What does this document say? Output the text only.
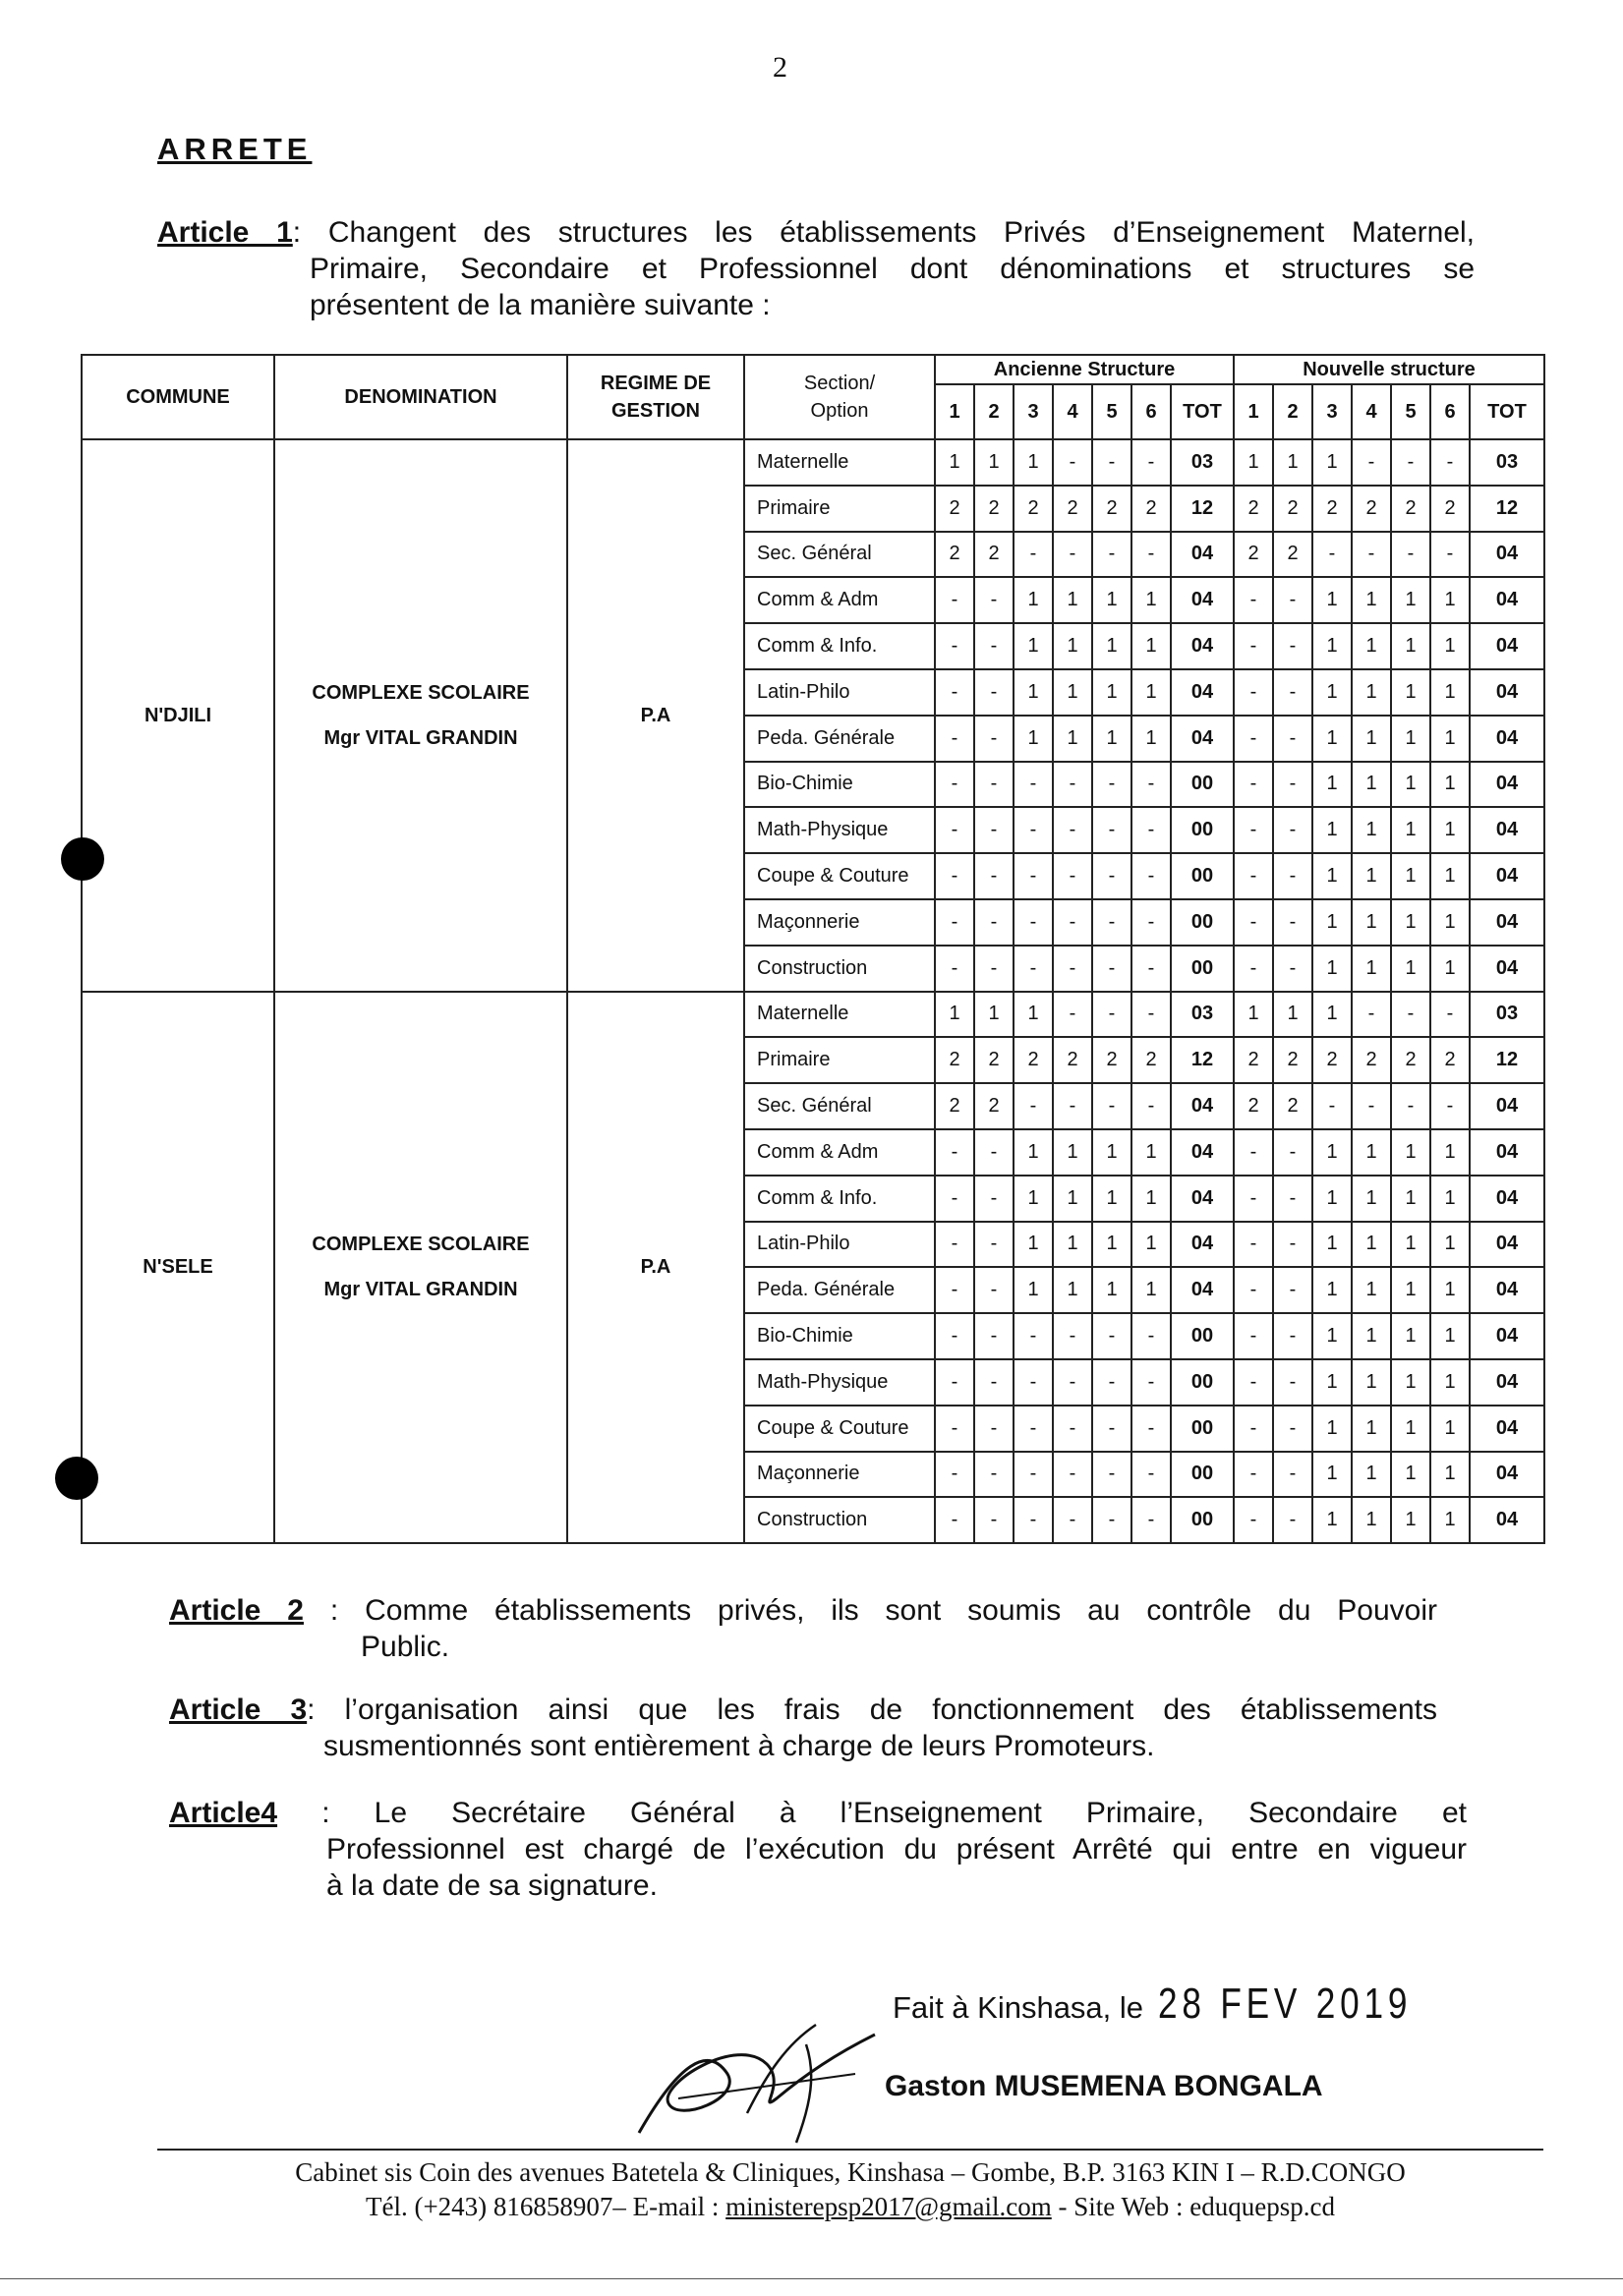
2
ARRETE
Article 1: Changent des structures les établissements Privés d’Enseignement Maternel,
Primaire, Secondaire et Professionnel dont dénominations et structures se
présentent de la manière suivante :
COMMUNE	DENOMINATION	REGIME DE GESTION	Section/ Option	Ancienne Structure							Nouvelle structure						
				1	2	3	4	5	6	TOT	1	2	3	4	5	6	TOT
N'DJILI	COMPLEXE SCOLAIRE
Mgr VITAL GRANDIN	P.A	Maternelle	1	1	1	-	-	-	03	1	1	1	-	-	-	03
			Primaire	2	2	2	2	2	2	12	2	2	2	2	2	2	12
			Sec. Général	2	2	-	-	-	-	04	2	2	-	-	-	-	04
			Comm & Adm	-	-	1	1	1	1	04	-	-	1	1	1	1	04
			Comm & Info.	-	-	1	1	1	1	04	-	-	1	1	1	1	04
			Latin-Philo	-	-	1	1	1	1	04	-	-	1	1	1	1	04
			Peda. Générale	-	-	1	1	1	1	04	-	-	1	1	1	1	04
			Bio-Chimie	-	-	-	-	-	-	00	-	-	1	1	1	1	04
			Math-Physique	-	-	-	-	-	-	00	-	-	1	1	1	1	04
			Coupe & Couture	-	-	-	-	-	-	00	-	-	1	1	1	1	04
			Maçonnerie	-	-	-	-	-	-	00	-	-	1	1	1	1	04
			Construction	-	-	-	-	-	-	00	-	-	1	1	1	1	04
N'SELE	COMPLEXE SCOLAIRE
Mgr VITAL GRANDIN	P.A	Maternelle	1	1	1	-	-	-	03	1	1	1	-	-	-	03
			Primaire	2	2	2	2	2	2	12	2	2	2	2	2	2	12
			Sec. Général	2	2	-	-	-	-	04	2	2	-	-	-	-	04
			Comm & Adm	-	-	1	1	1	1	04	-	-	1	1	1	1	04
			Comm & Info.	-	-	1	1	1	1	04	-	-	1	1	1	1	04
			Latin-Philo	-	-	1	1	1	1	04	-	-	1	1	1	1	04
			Peda. Générale	-	-	1	1	1	1	04	-	-	1	1	1	1	04
			Bio-Chimie	-	-	-	-	-	-	00	-	-	1	1	1	1	04
			Math-Physique	-	-	-	-	-	-	00	-	-	1	1	1	1	04
			Coupe & Couture	-	-	-	-	-	-	00	-	-	1	1	1	1	04
			Maçonnerie	-	-	-	-	-	-	00	-	-	1	1	1	1	04
			Construction	-	-	-	-	-	-	00	-	-	1	1	1	1	04
Article 2 : Comme établissements privés, ils sont soumis au contrôle du Pouvoir
Public.
Article 3: l’organisation ainsi que les frais de fonctionnement des établissements
susmentionnés sont entièrement à charge de leurs Promoteurs.
Article4 : Le Secrétaire Général à l’Enseignement Primaire, Secondaire et
Professionnel est chargé de l’exécution du présent Arrêté qui entre en vigueur
à la date de sa signature.
Fait à Kinshasa, le 28 FEV 2019
Gaston MUSEMENA BONGALA
Cabinet sis Coin des avenues Batetela & Cliniques, Kinshasa – Gombe, B.P. 3163 KIN I – R.D.CONGO
Tél. (+243) 816858907– E-mail : ministerepsp2017@gmail.com - Site Web : eduquepsp.cd
